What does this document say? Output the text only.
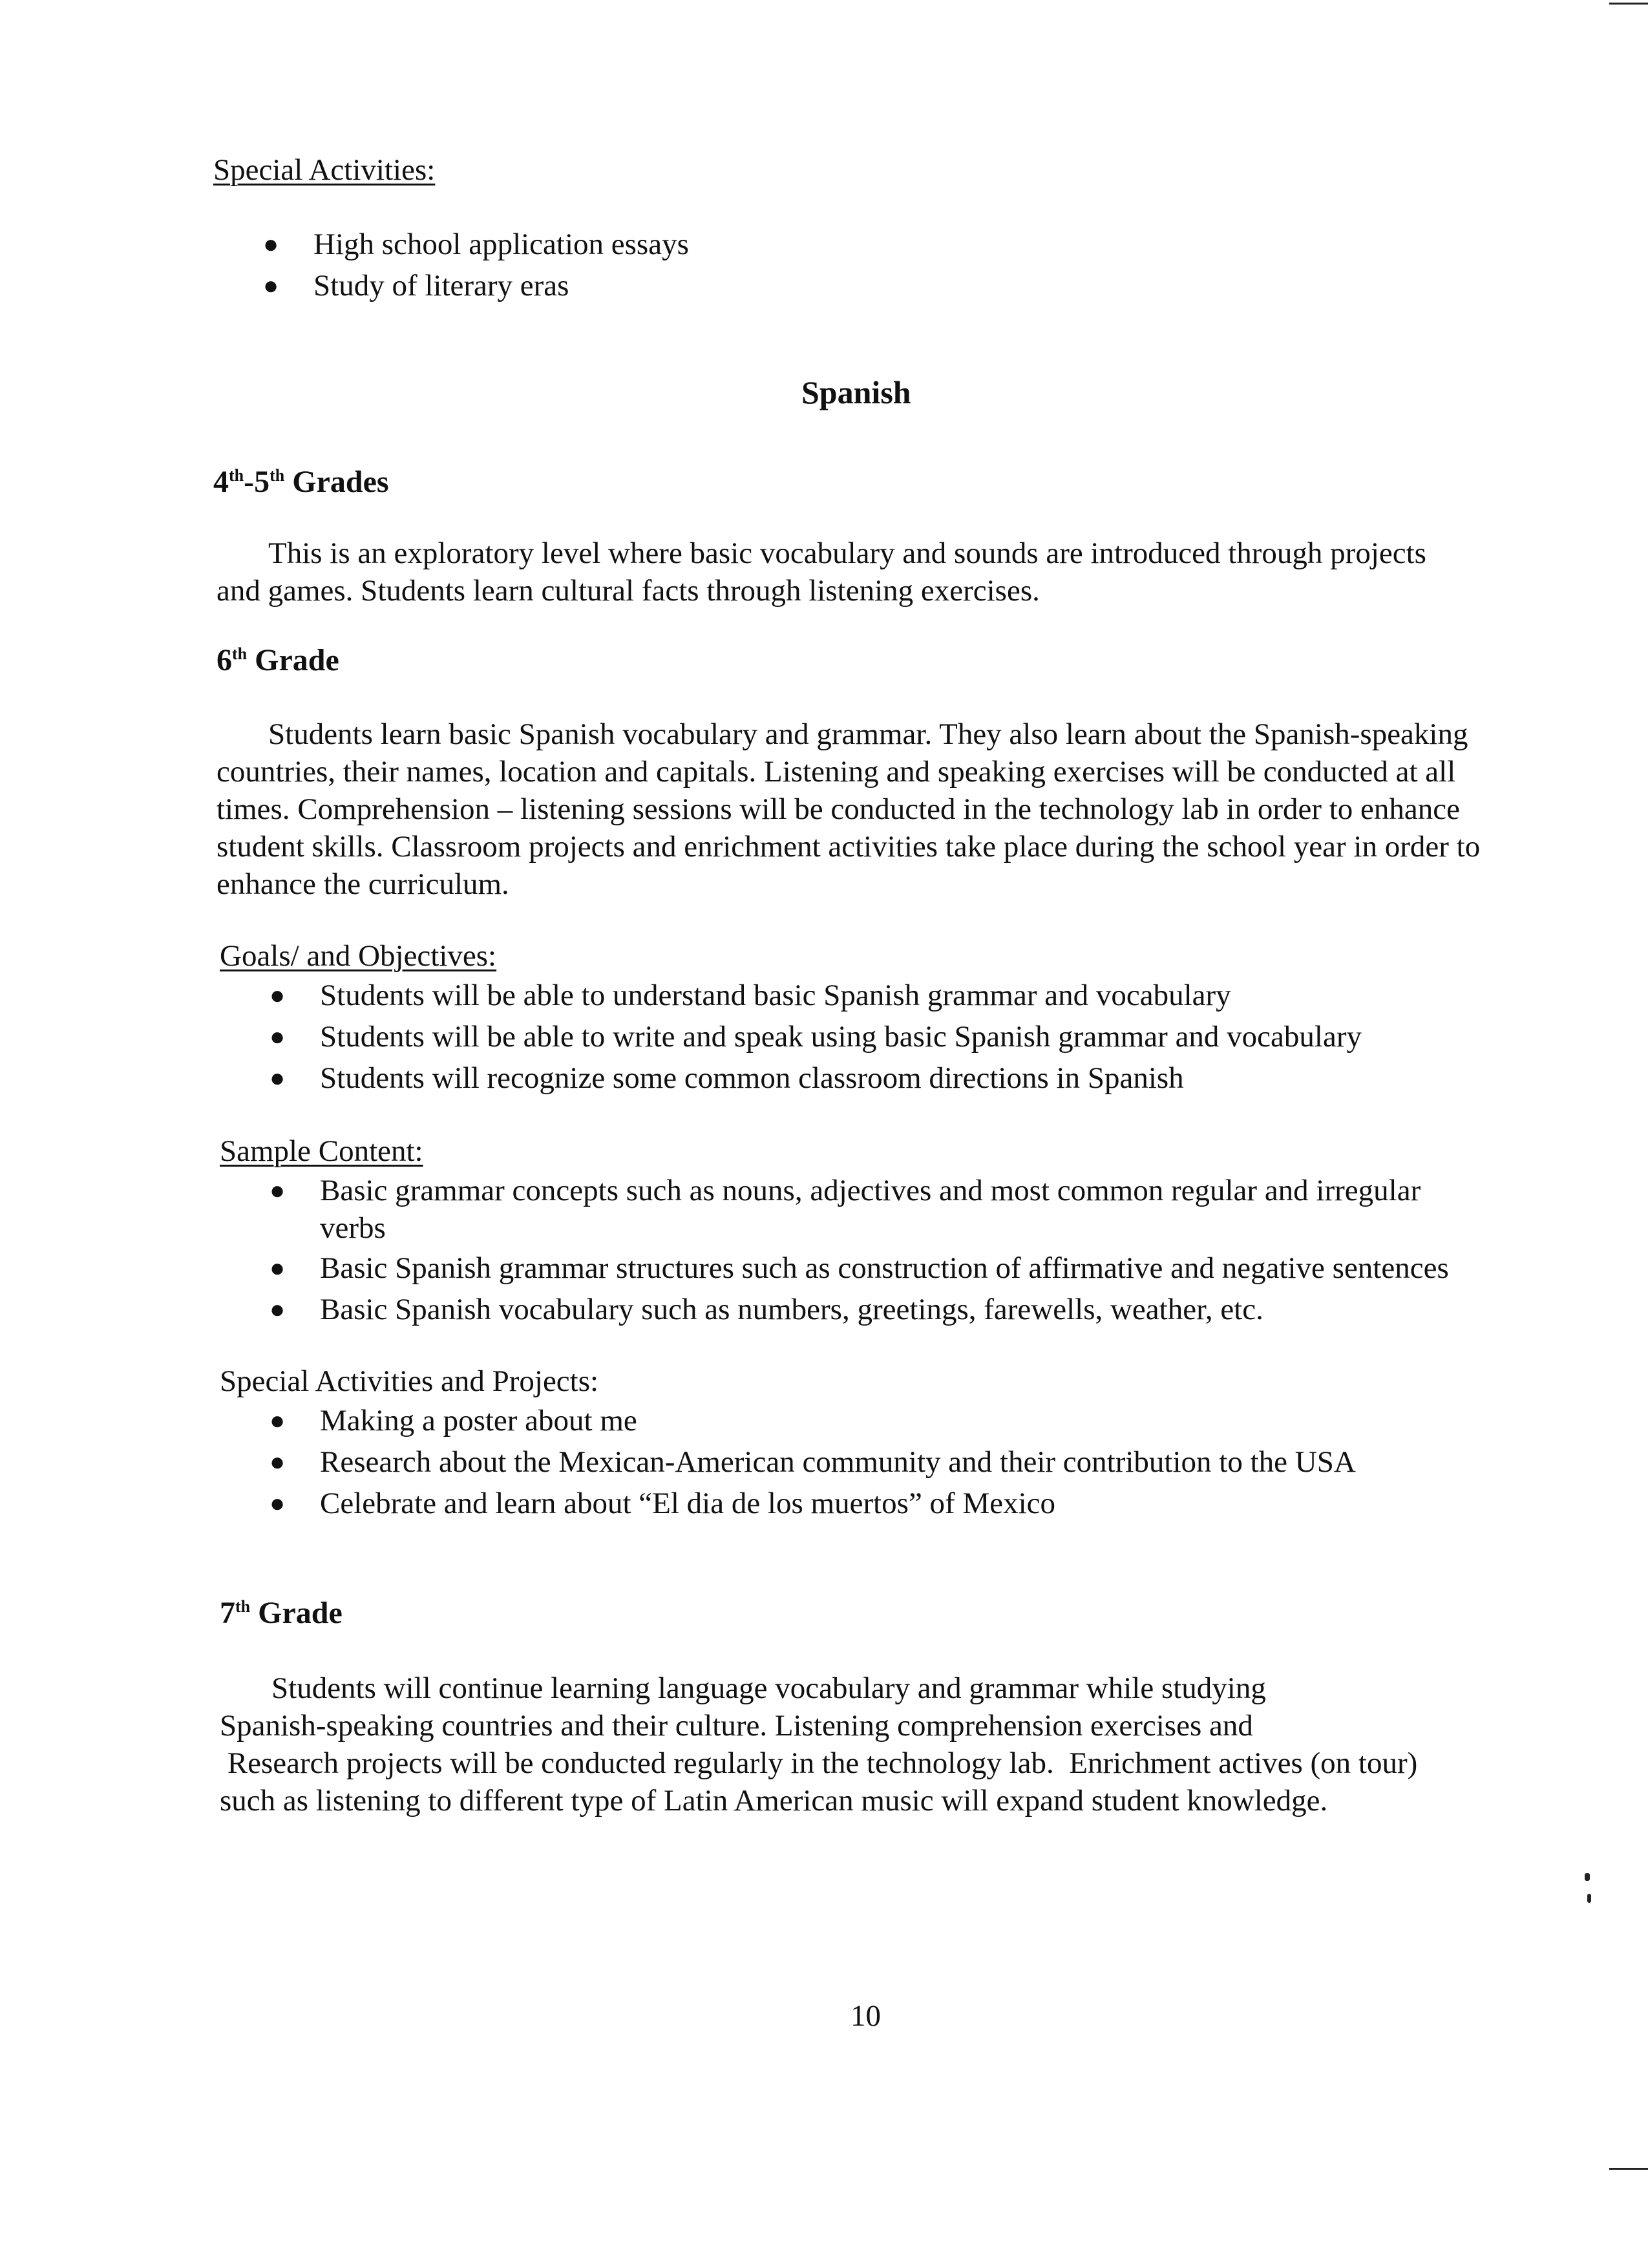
Special Activities:
● High school application essays
● Study of literary eras
Spanish
4th-5th Grades
This is an exploratory level where basic vocabulary and sounds are introduced through projects
and games. Students learn cultural facts through listening exercises.
6th Grade
Students learn basic Spanish vocabulary and grammar. They also learn about the Spanish-speaking
countries, their names, location and capitals. Listening and speaking exercises will be conducted at all
times. Comprehension – listening sessions will be conducted in the technology lab in order to enhance
student skills. Classroom projects and enrichment activities take place during the school year in order to
enhance the curriculum.
Goals/ and Objectives:
● Students will be able to understand basic Spanish grammar and vocabulary
● Students will be able to write and speak using basic Spanish grammar and vocabulary
● Students will recognize some common classroom directions in Spanish
Sample Content:
● Basic grammar concepts such as nouns, adjectives and most common regular and irregular
verbs
● Basic Spanish grammar structures such as construction of affirmative and negative sentences
● Basic Spanish vocabulary such as numbers, greetings, farewells, weather, etc.
Special Activities and Projects:
● Making a poster about me
● Research about the Mexican-American community and their contribution to the USA
● Celebrate and learn about “El dia de los muertos” of Mexico
7th Grade
Students will continue learning language vocabulary and grammar while studying
Spanish-speaking countries and their culture. Listening comprehension exercises and
Research projects will be conducted regularly in the technology lab.  Enrichment actives (on tour)
such as listening to different type of Latin American music will expand student knowledge.
10
